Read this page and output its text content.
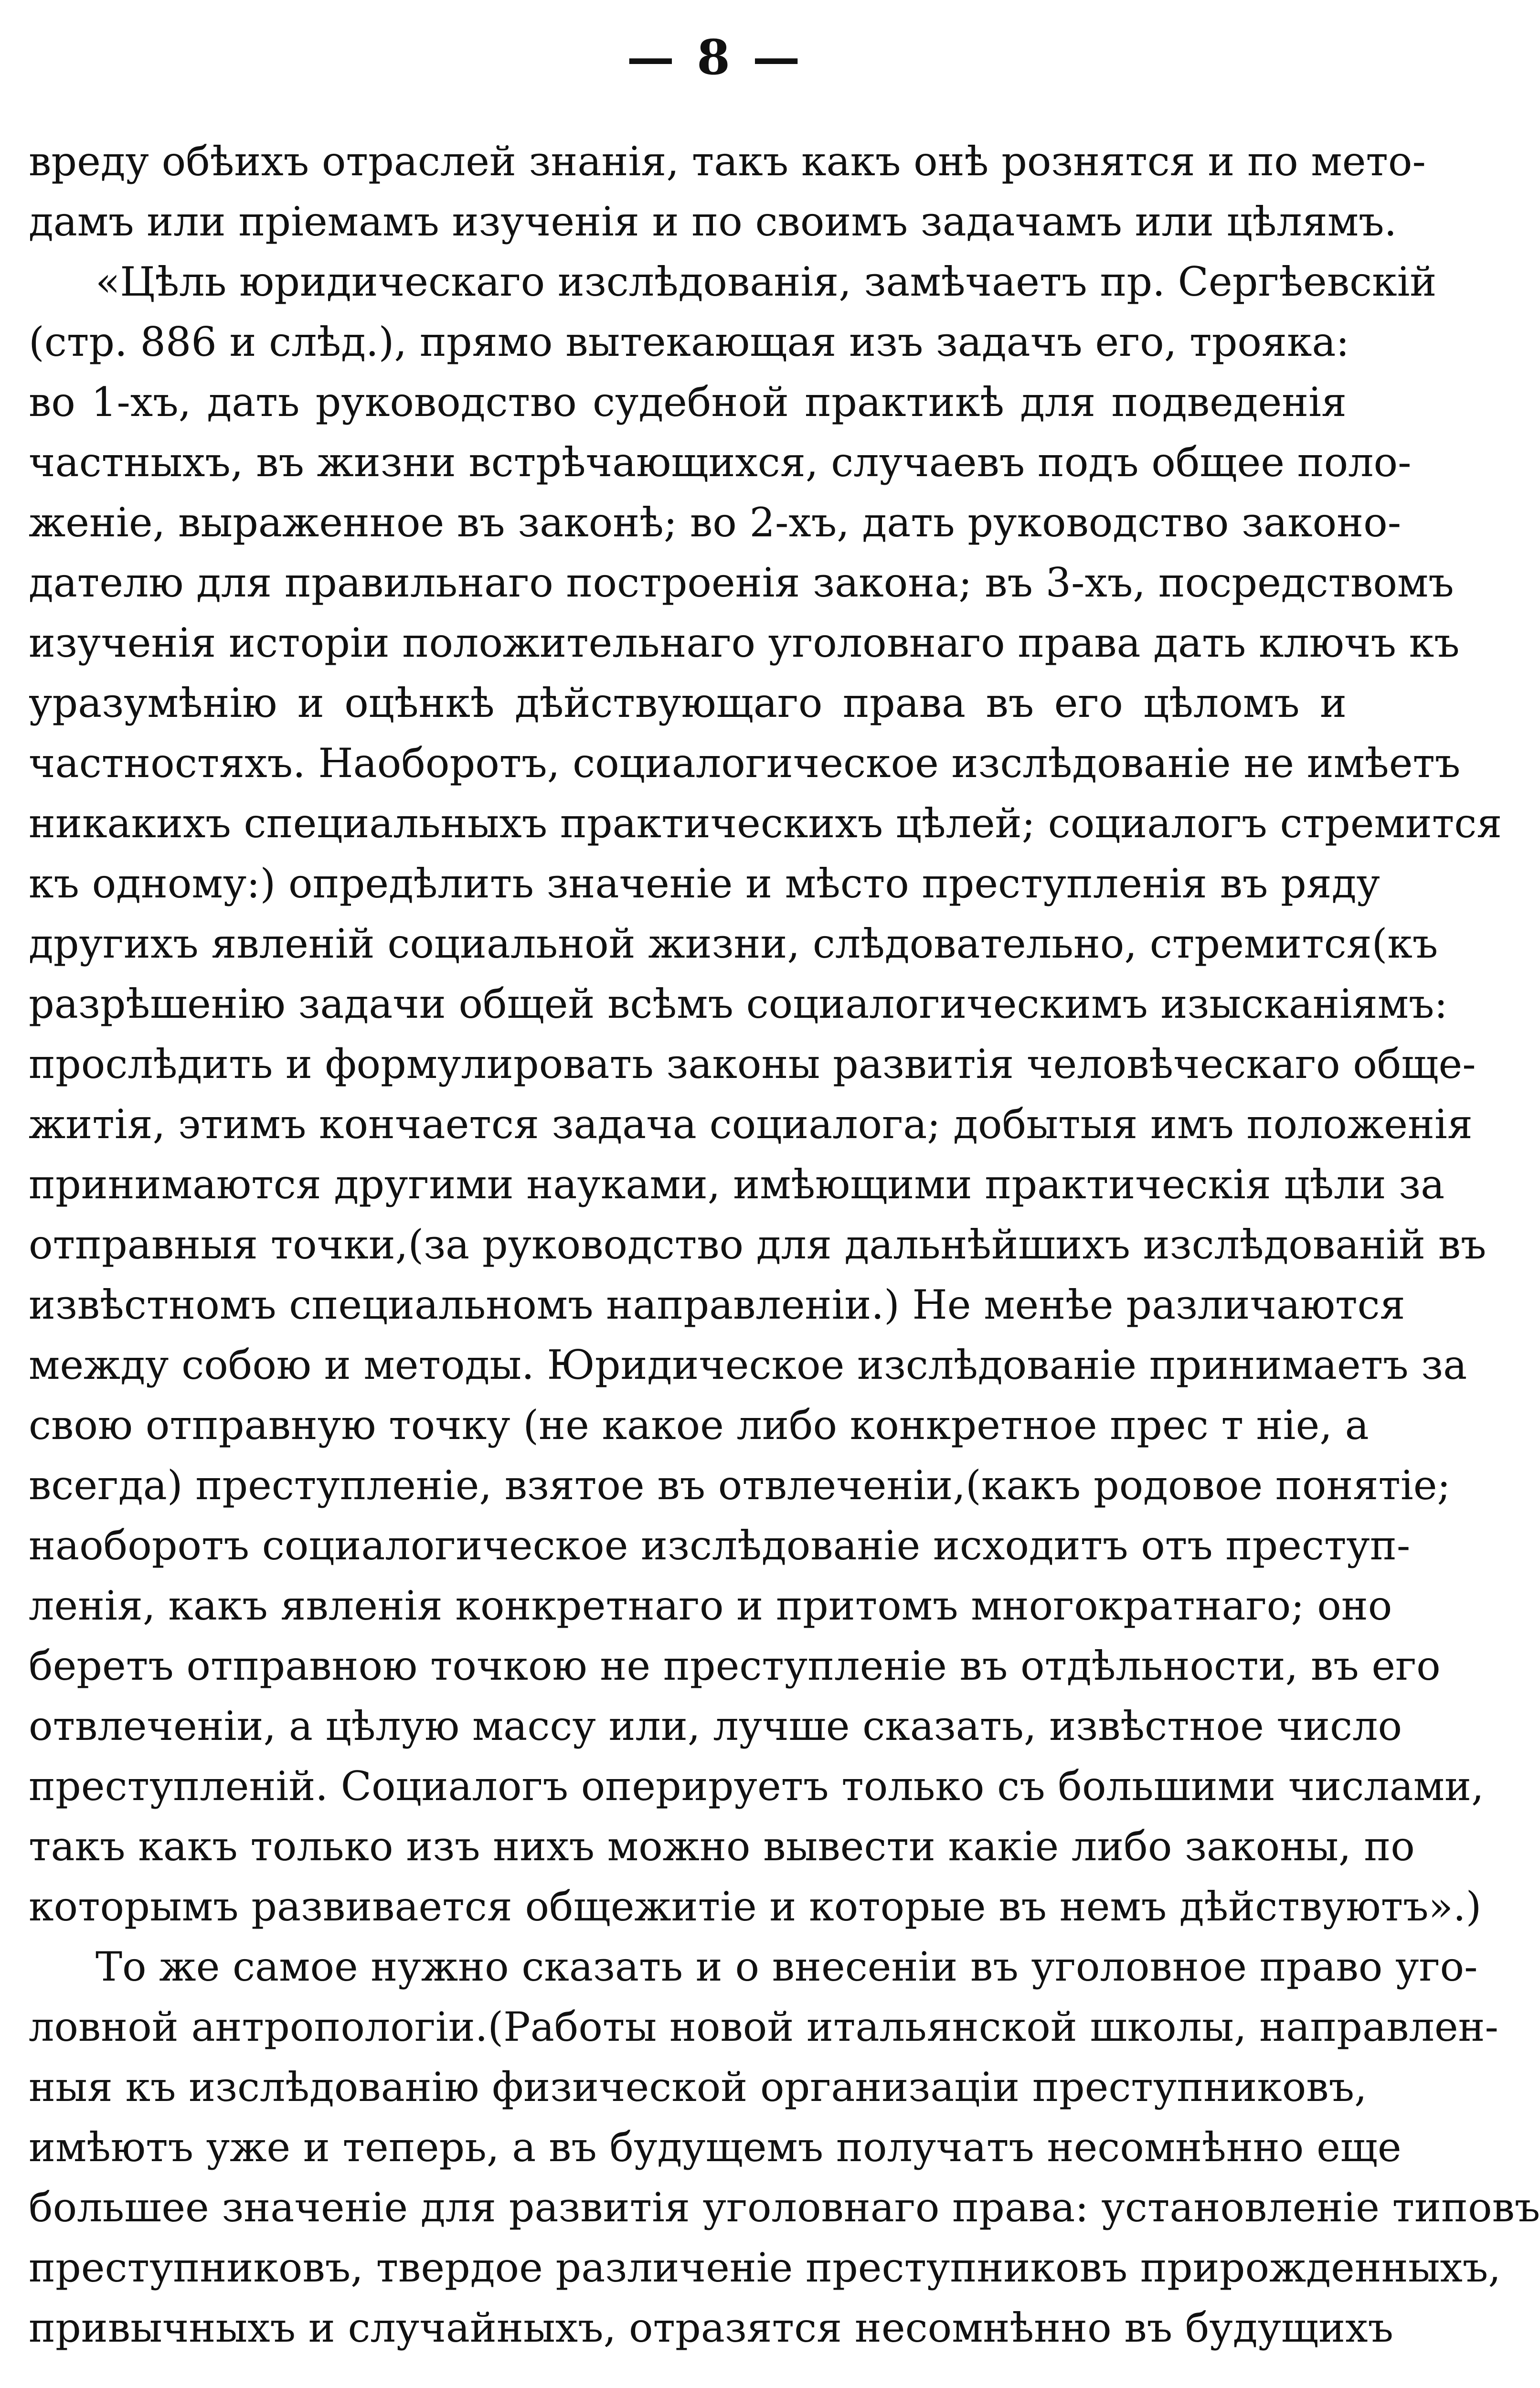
— 8 —
вреду обѣихъ отраслей знанія, такъ какъ онѣ рознятся и по мето-
дамъ или пріемамъ изученія и по своимъ задачамъ или цѣлямъ.
«Цѣль юридическаго изслѣдованія, замѣчаетъ пр. Сергѣевскій
(стр. 886 и слѣд.), прямо вытекающая изъ задачъ его, трояка:
во 1-хъ, дать руководство судебной практикѣ для подведенія
частныхъ, въ жизни встрѣчающихся, случаевъ подъ общее поло-
женіе, выраженное въ законѣ; во 2-хъ, дать руководство законо-
дателю для правильнаго построенія закона; въ 3-хъ, посредствомъ
изученія исторіи положительнаго уголовнаго права дать ключъ къ
уразумѣнію и оцѣнкѣ дѣйствующаго права въ его цѣломъ и
частностяхъ. Наоборотъ, социалогическое изслѣдованіе не имѣетъ
никакихъ специальныхъ практическихъ цѣлей; социалогъ стремится
къ одному:) опредѣлить значеніе и мѣсто преступленія въ ряду
другихъ явленій социальной жизни, слѣдовательно, стремится(къ
разрѣшенію задачи общей всѣмъ социалогическимъ изысканіямъ:
прослѣдить и формулировать законы развитія человѣческаго обще-
житія, этимъ кончается задача социалога; добытыя имъ положенія
принимаются другими науками, имѣющими практическія цѣли за
отправныя точки,(за руководство для дальнѣйшихъ изслѣдованій въ
извѣстномъ специальномъ направленіи.) Не менѣе различаются
между собою и методы. Юридическое изслѣдованіе принимаетъ за
свою отправную точку (не какое либо конкретное прес т ніе, а
всегда) преступленіе, взятое въ отвлеченіи,(какъ родовое понятіе;
наоборотъ социалогическое изслѣдованіе исходитъ отъ преступ-
ленія, какъ явленія конкретнаго и притомъ многократнаго; оно
беретъ отправною точкою не преступленіе въ отдѣльности, въ его
отвлеченіи, а цѣлую массу или, лучше сказать, извѣстное число
преступленій. Социалогъ оперируетъ только съ большими числами,
такъ какъ только изъ нихъ можно вывести какіе либо законы, по
которымъ развивается общежитіе и которые въ немъ дѣйствуютъ».)
То же самое нужно сказать и о внесеніи въ уголовное право уго-
ловной антропологіи.(Работы новой итальянской школы, направлен-
ныя къ изслѣдованію физической организаціи преступниковъ,
имѣютъ уже и теперь, а въ будущемъ получатъ несомнѣнно еще
большее значеніе для развитія уголовнаго права: установленіе типовъ
преступниковъ, твердое различеніе преступниковъ прирожденныхъ,
привычныхъ и случайныхъ, отразятся несомнѣнно въ будущихъ
